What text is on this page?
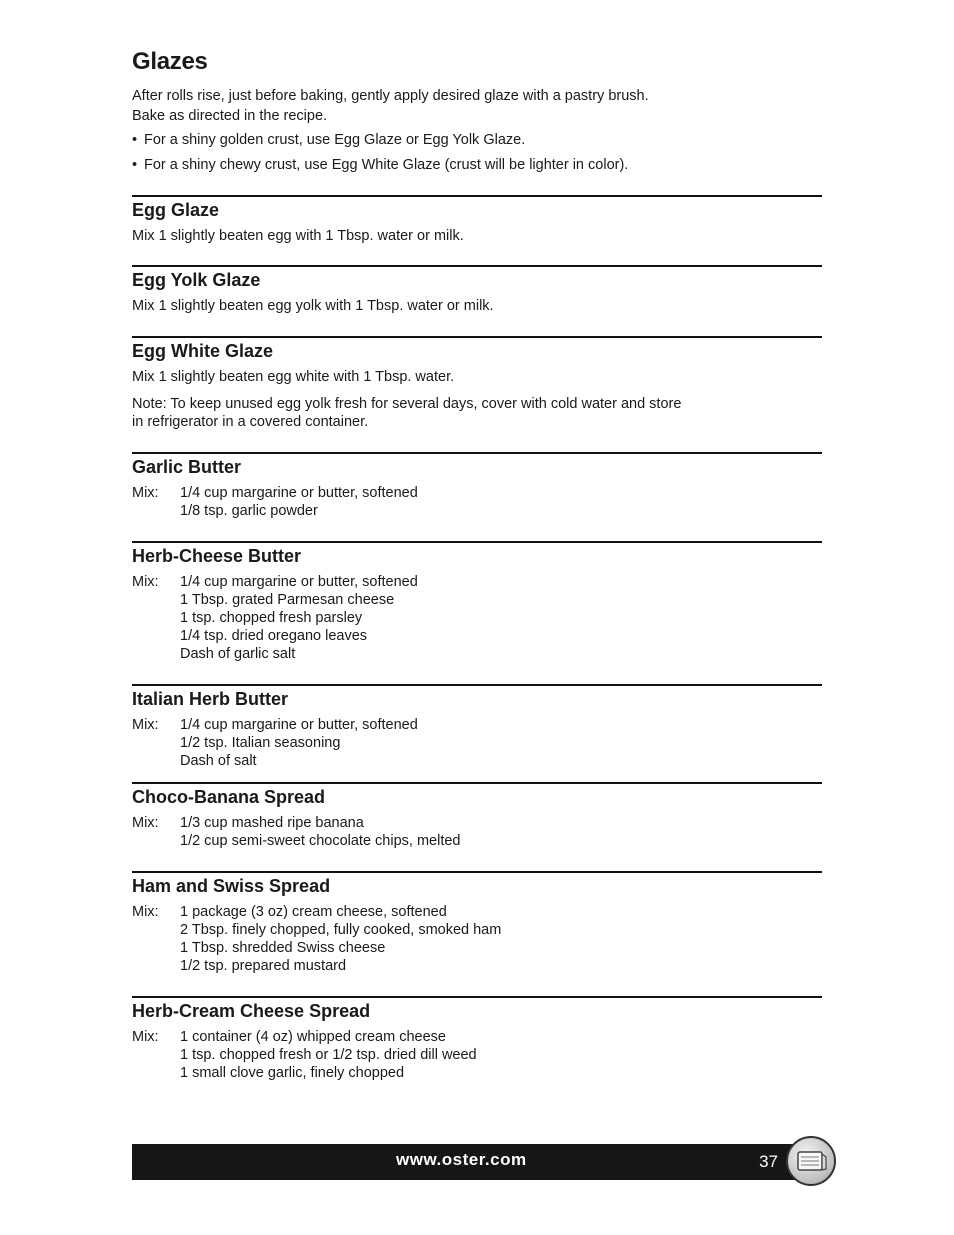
Glazes

After rolls rise, just before baking, gently apply desired glaze with a pastry brush.

Bake as directed in the recipe.

• For a shiny golden crust, use Egg Glaze or Egg Yolk Glaze.
• For a shiny chewy crust, use Egg White Glaze (crust will be lighter in color).
Egg Glaze

Mix 1 slightly beaten egg with 1 Tbsp. water or milk.

Egg Yolk Glaze

Mix 1 slightly beaten egg yolk with 1 Tbsp. water or milk.

Egg White Glaze

Mix 1 slightly beaten egg white with 1 Tbsp. water.

Note: To keep unused egg yolk fresh for several days, cover with cold water and store
in refrigerator in a covered container.
Garlic Butter
Mix:	1/4 cup margarine or butter, softened
1/8 tsp. garlic powder
Herb-Cheese Butter
Mix:	1/4 cup margarine or butter, softened
1 Tbsp. grated Parmesan cheese
1 tsp. chopped fresh parsley
1/4 tsp. dried oregano leaves
Dash of garlic salt
Italian Herb Butter
Mix:	1/4 cup margarine or butter, softened
1/2 tsp. Italian seasoning
Dash of salt
Choco-Banana Spread
Mix:	1/3 cup mashed ripe banana
1/2 cup semi-sweet chocolate chips, melted
Ham and Swiss Spread
Mix:	1 package (3 oz) cream cheese, softened
2 Tbsp. finely chopped, fully cooked, smoked ham
1 Tbsp. shredded Swiss cheese
1/2 tsp. prepared mustard
Herb-Cream Cheese Spread
Mix:	1 container (4 oz) whipped cream cheese
1 tsp. chopped fresh or 1/2 tsp. dried dill weed
1 small clove garlic, finely chopped
www.oster.com	37
